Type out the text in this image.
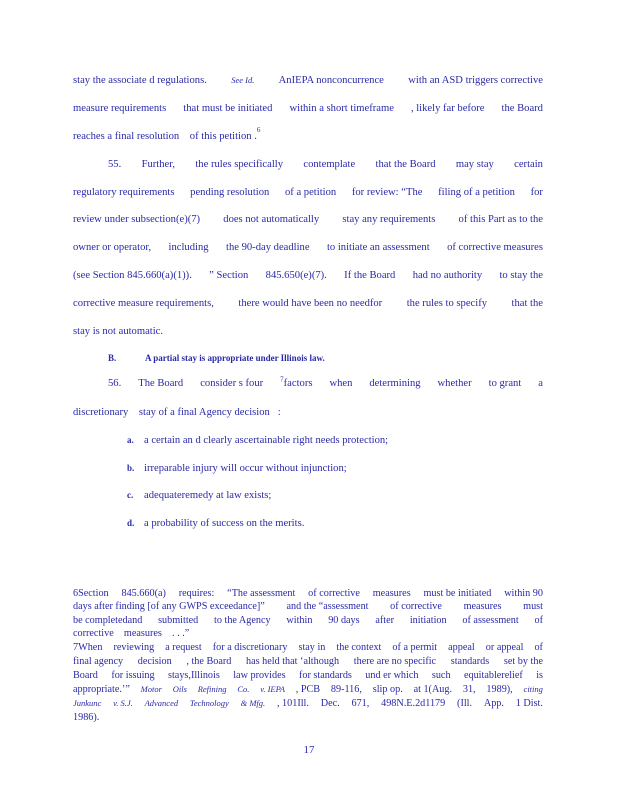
stay the associate d regulations.	See Id. AnIEPA nonconcurrence with an ASD triggers corrective
measure requirements that must be initiated within a short timeframe , likely far before the Board
reaches a final resolution
of this petition .
6
55. Further, the rules specifically contemplate that the Board may stay certain
regulatory requirements pending resolution of a petition for review: “The filing of a petition for
review under subsection(e)(7) does not automatically stay any requirements of this Part as to the
owner or operator, including the 90-day deadline to initiate an assessment of corrective measures
(see Section 845.660(a)(1)). ” Section 845.650(e)(7). If the Board had no authority to stay the
corrective measure requirements, there would have been no needfor the rules to specify that the
stay is not automatic.
B.	A partial stay is appropriate under Illinois law.
56. The Board consider s four $^7$factors when determining whether to grant a
discretionary
stay of a final Agency decision
:
a. a certain an d clearly ascertainable right needs protection;
b. irreparable injury will occur without injunction;
c. adequateremedy at law exists;
d. a probability of success on the merits.
6Section 845.660(a) requires: “The assessment of corrective measures must be initiated within 90
days after finding [of any GWPS exceedance]” and the “assessment of corrective measures must
be completedand submitted to the Agency within 90 days after initiation of assessment of
corrective
measures
. . .”
7When reviewing a request for a discretionary stay in the context of a permit appeal or appeal of
final agency decision , the Board has held that ‘although there are no specific standards set by the
Board for issuing stays,Illinois law provides for standards und er which such equitablerelief is
appropriate.’” Motor Oils Refining Co. v. IEPA , PCB 89-116, slip op. at 1(Aug. 31, 1989), citing
Junkunc v. S.J. Advanced Technology & Mfg. , 101Ill. Dec. 671, 498N.E.2d1179 (Ill. App. 1 Dist.
1986).
17
